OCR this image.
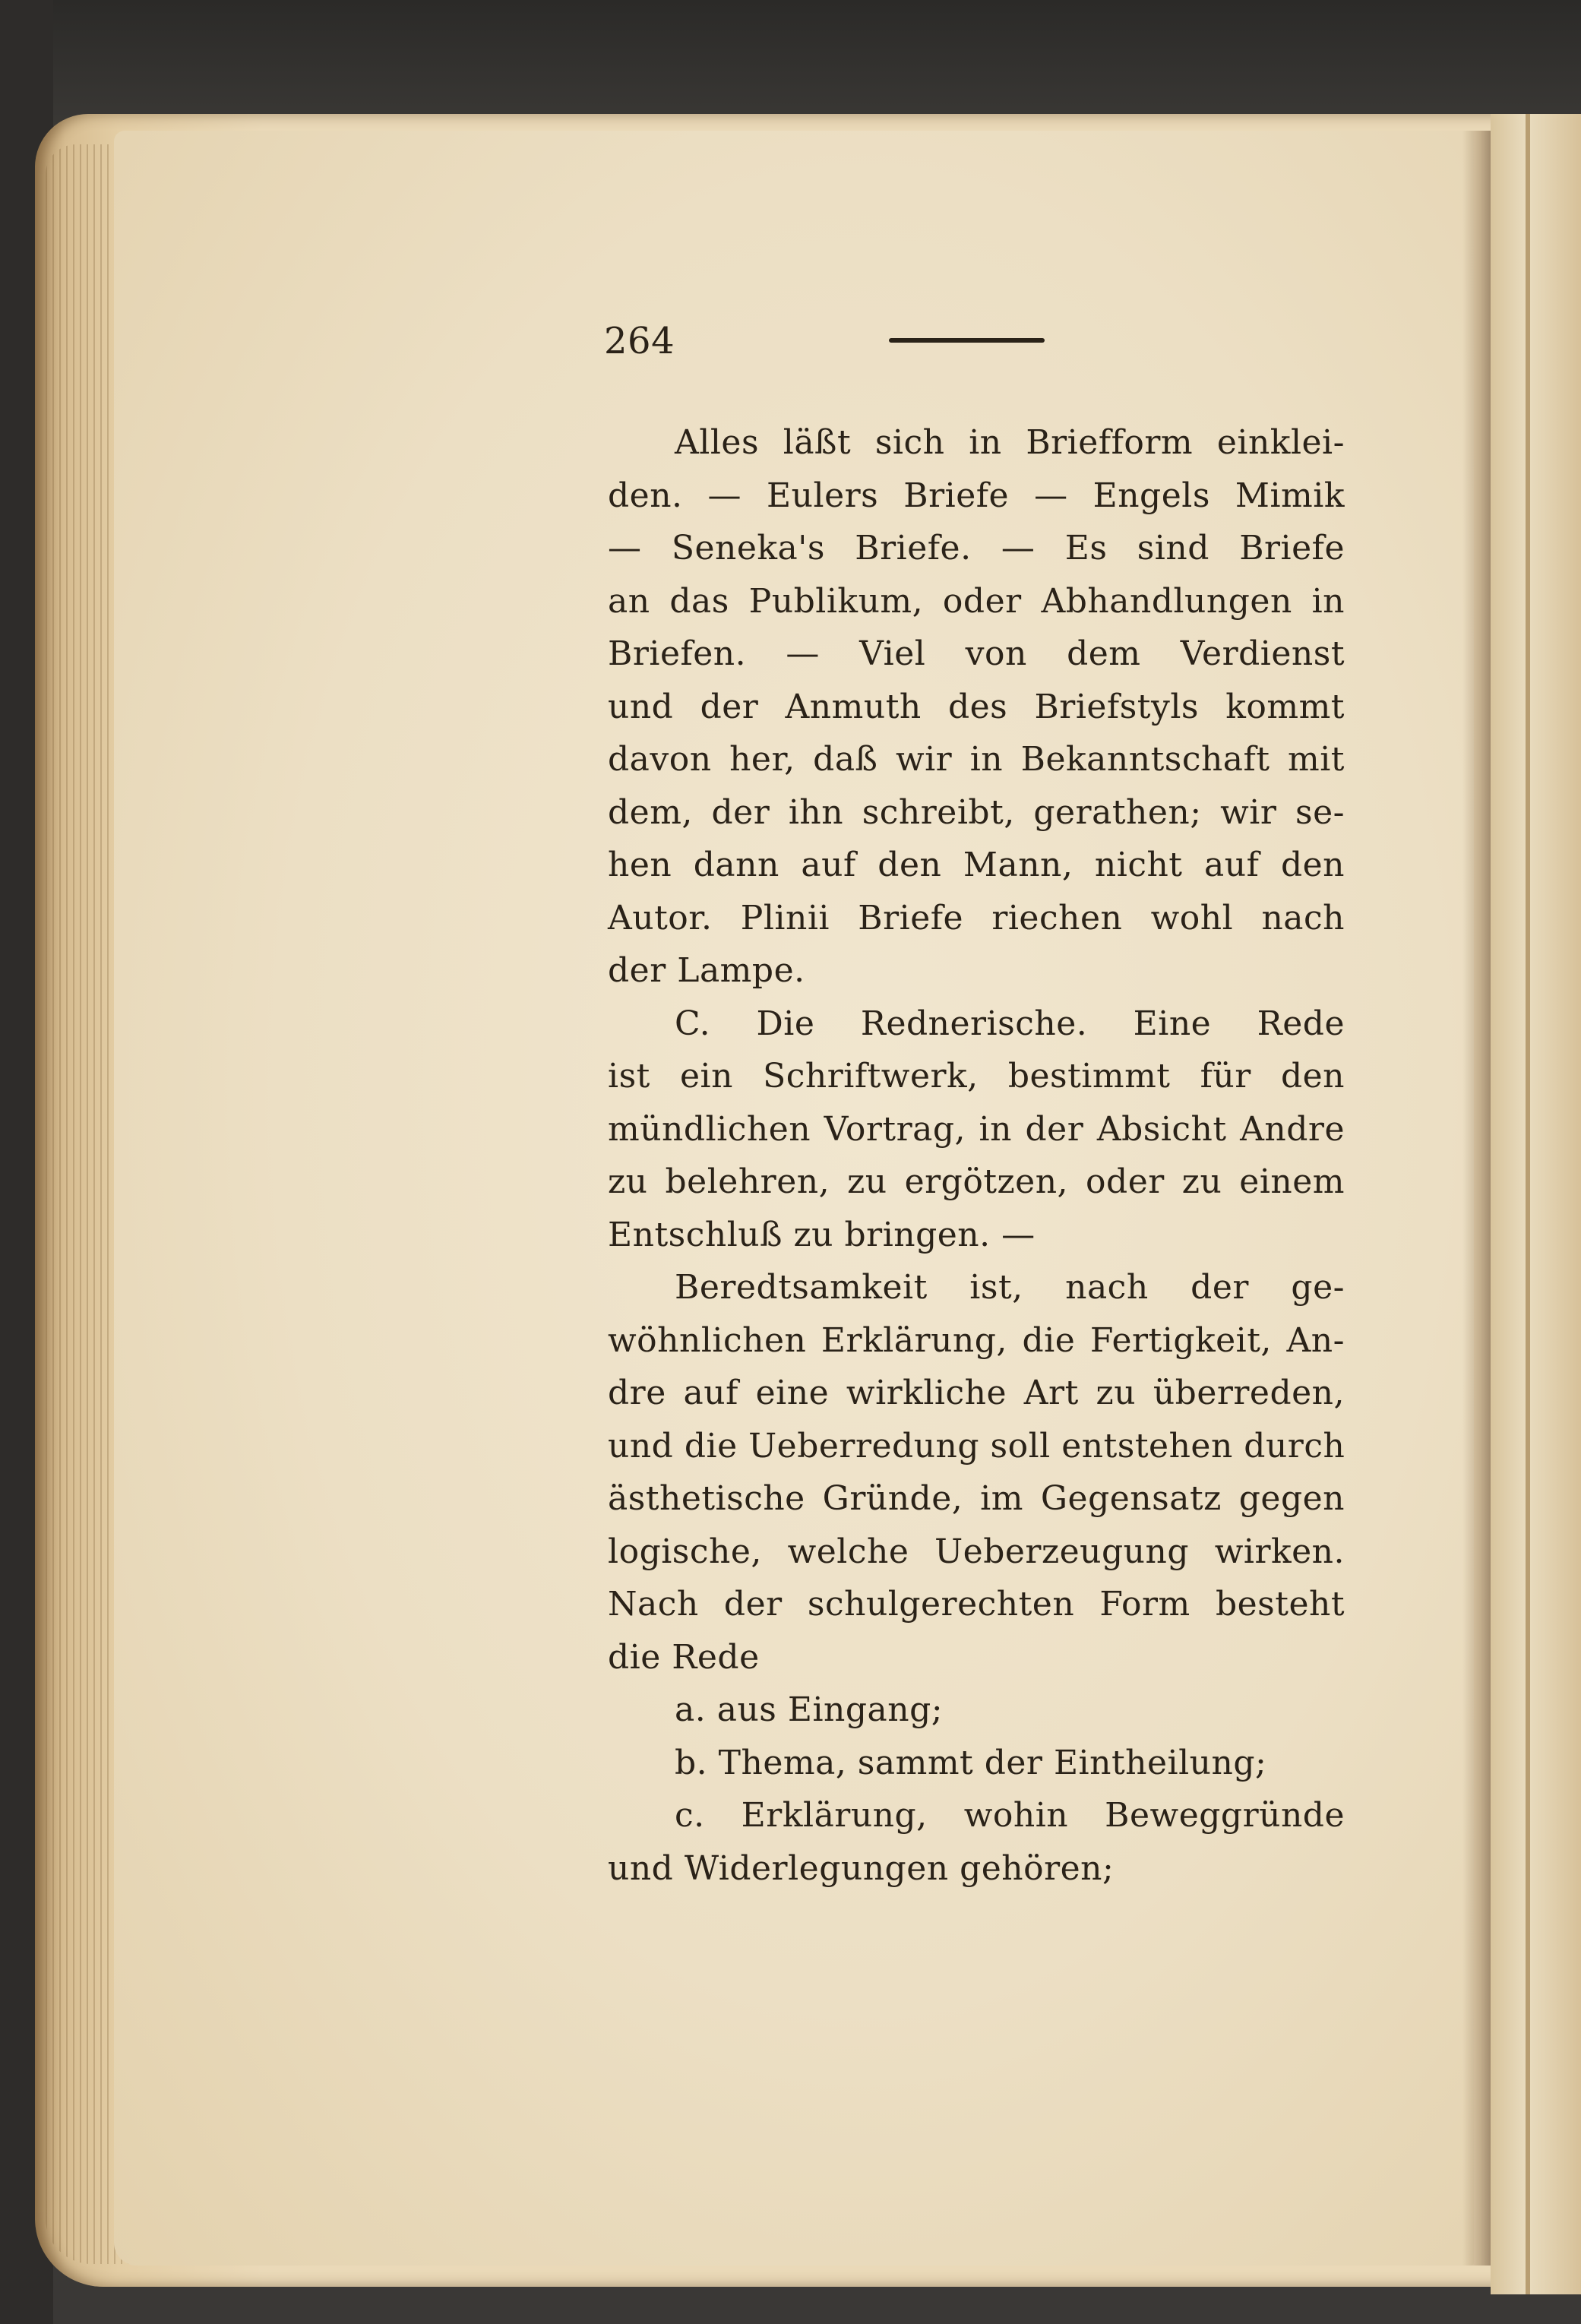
264
Alles läßt sich in Briefform einklei-
den. — Eulers Briefe — Engels Mimik
— Seneka's Briefe. — Es sind Briefe
an das Publikum, oder Abhandlungen in
Briefen. — Viel von dem Verdienst
und der Anmuth des Briefstyls kommt
davon her, daß wir in Bekanntschaft mit
dem, der ihn schreibt, gerathen; wir se-
hen dann auf den Mann, nicht auf den
Autor. Plinii Briefe riechen wohl nach
der Lampe.
C. Die Rednerische. Eine Rede
ist ein Schriftwerk, bestimmt für den
mündlichen Vortrag, in der Absicht Andre
zu belehren, zu ergötzen, oder zu einem
Entschluß zu bringen. —
Beredtsamkeit ist, nach der ge-
wöhnlichen Erklärung, die Fertigkeit, An-
dre auf eine wirkliche Art zu überreden,
und die Ueberredung soll entstehen durch
ästhetische Gründe, im Gegensatz gegen
logische, welche Ueberzeugung wirken.
Nach der schulgerechten Form besteht
die Rede
a. aus Eingang;
b. Thema, sammt der Eintheilung;
c. Erklärung, wohin Beweggründe
und Widerlegungen gehören;
